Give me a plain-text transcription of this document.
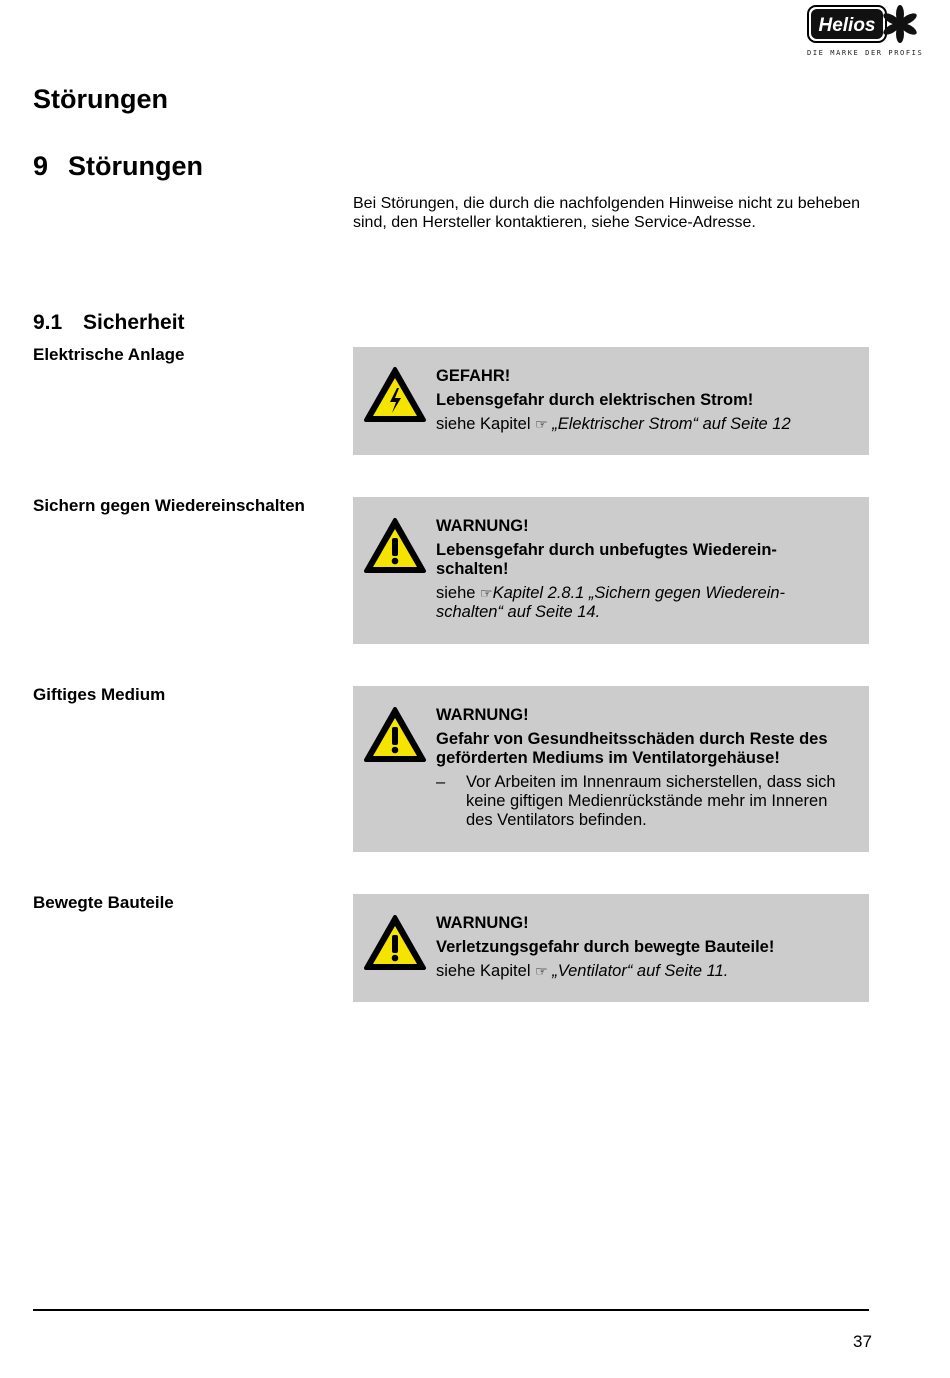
Helios
DIE MARKE DER PROFIS
Störungen
9 Störungen

Bei Störungen, die durch die nachfolgenden Hinweise nicht zu beheben sind, den Hersteller kontaktieren, siehe Service-Adresse.

9.1 Sicherheit
Elektrische Anlage
GEFAHR!
Lebensgefahr durch elektrischen Strom!
siehe Kapitel ☞ „Elektrischer Strom“ auf Seite 12
Sichern gegen Wiedereinschalten
WARNUNG!
Lebensgefahr durch unbefugtes Wiederein-
schalten!
siehe ☞Kapitel 2.8.1 „Sichern gegen Wiederein-
schalten“ auf Seite 14.
Giftiges Medium
WARNUNG!
Gefahr von Gesundheitsschäden durch Reste des geförderten Mediums im Ventilatorgehäuse!
–	Vor Arbeiten im Innenraum sicherstellen, dass sich keine giftigen Medienrückstände mehr im Inneren des Ventilators befinden.
Bewegte Bauteile
WARNUNG!
Verletzungsgefahr durch bewegte Bauteile!
siehe Kapitel ☞ „Ventilator“ auf Seite 11.
37
